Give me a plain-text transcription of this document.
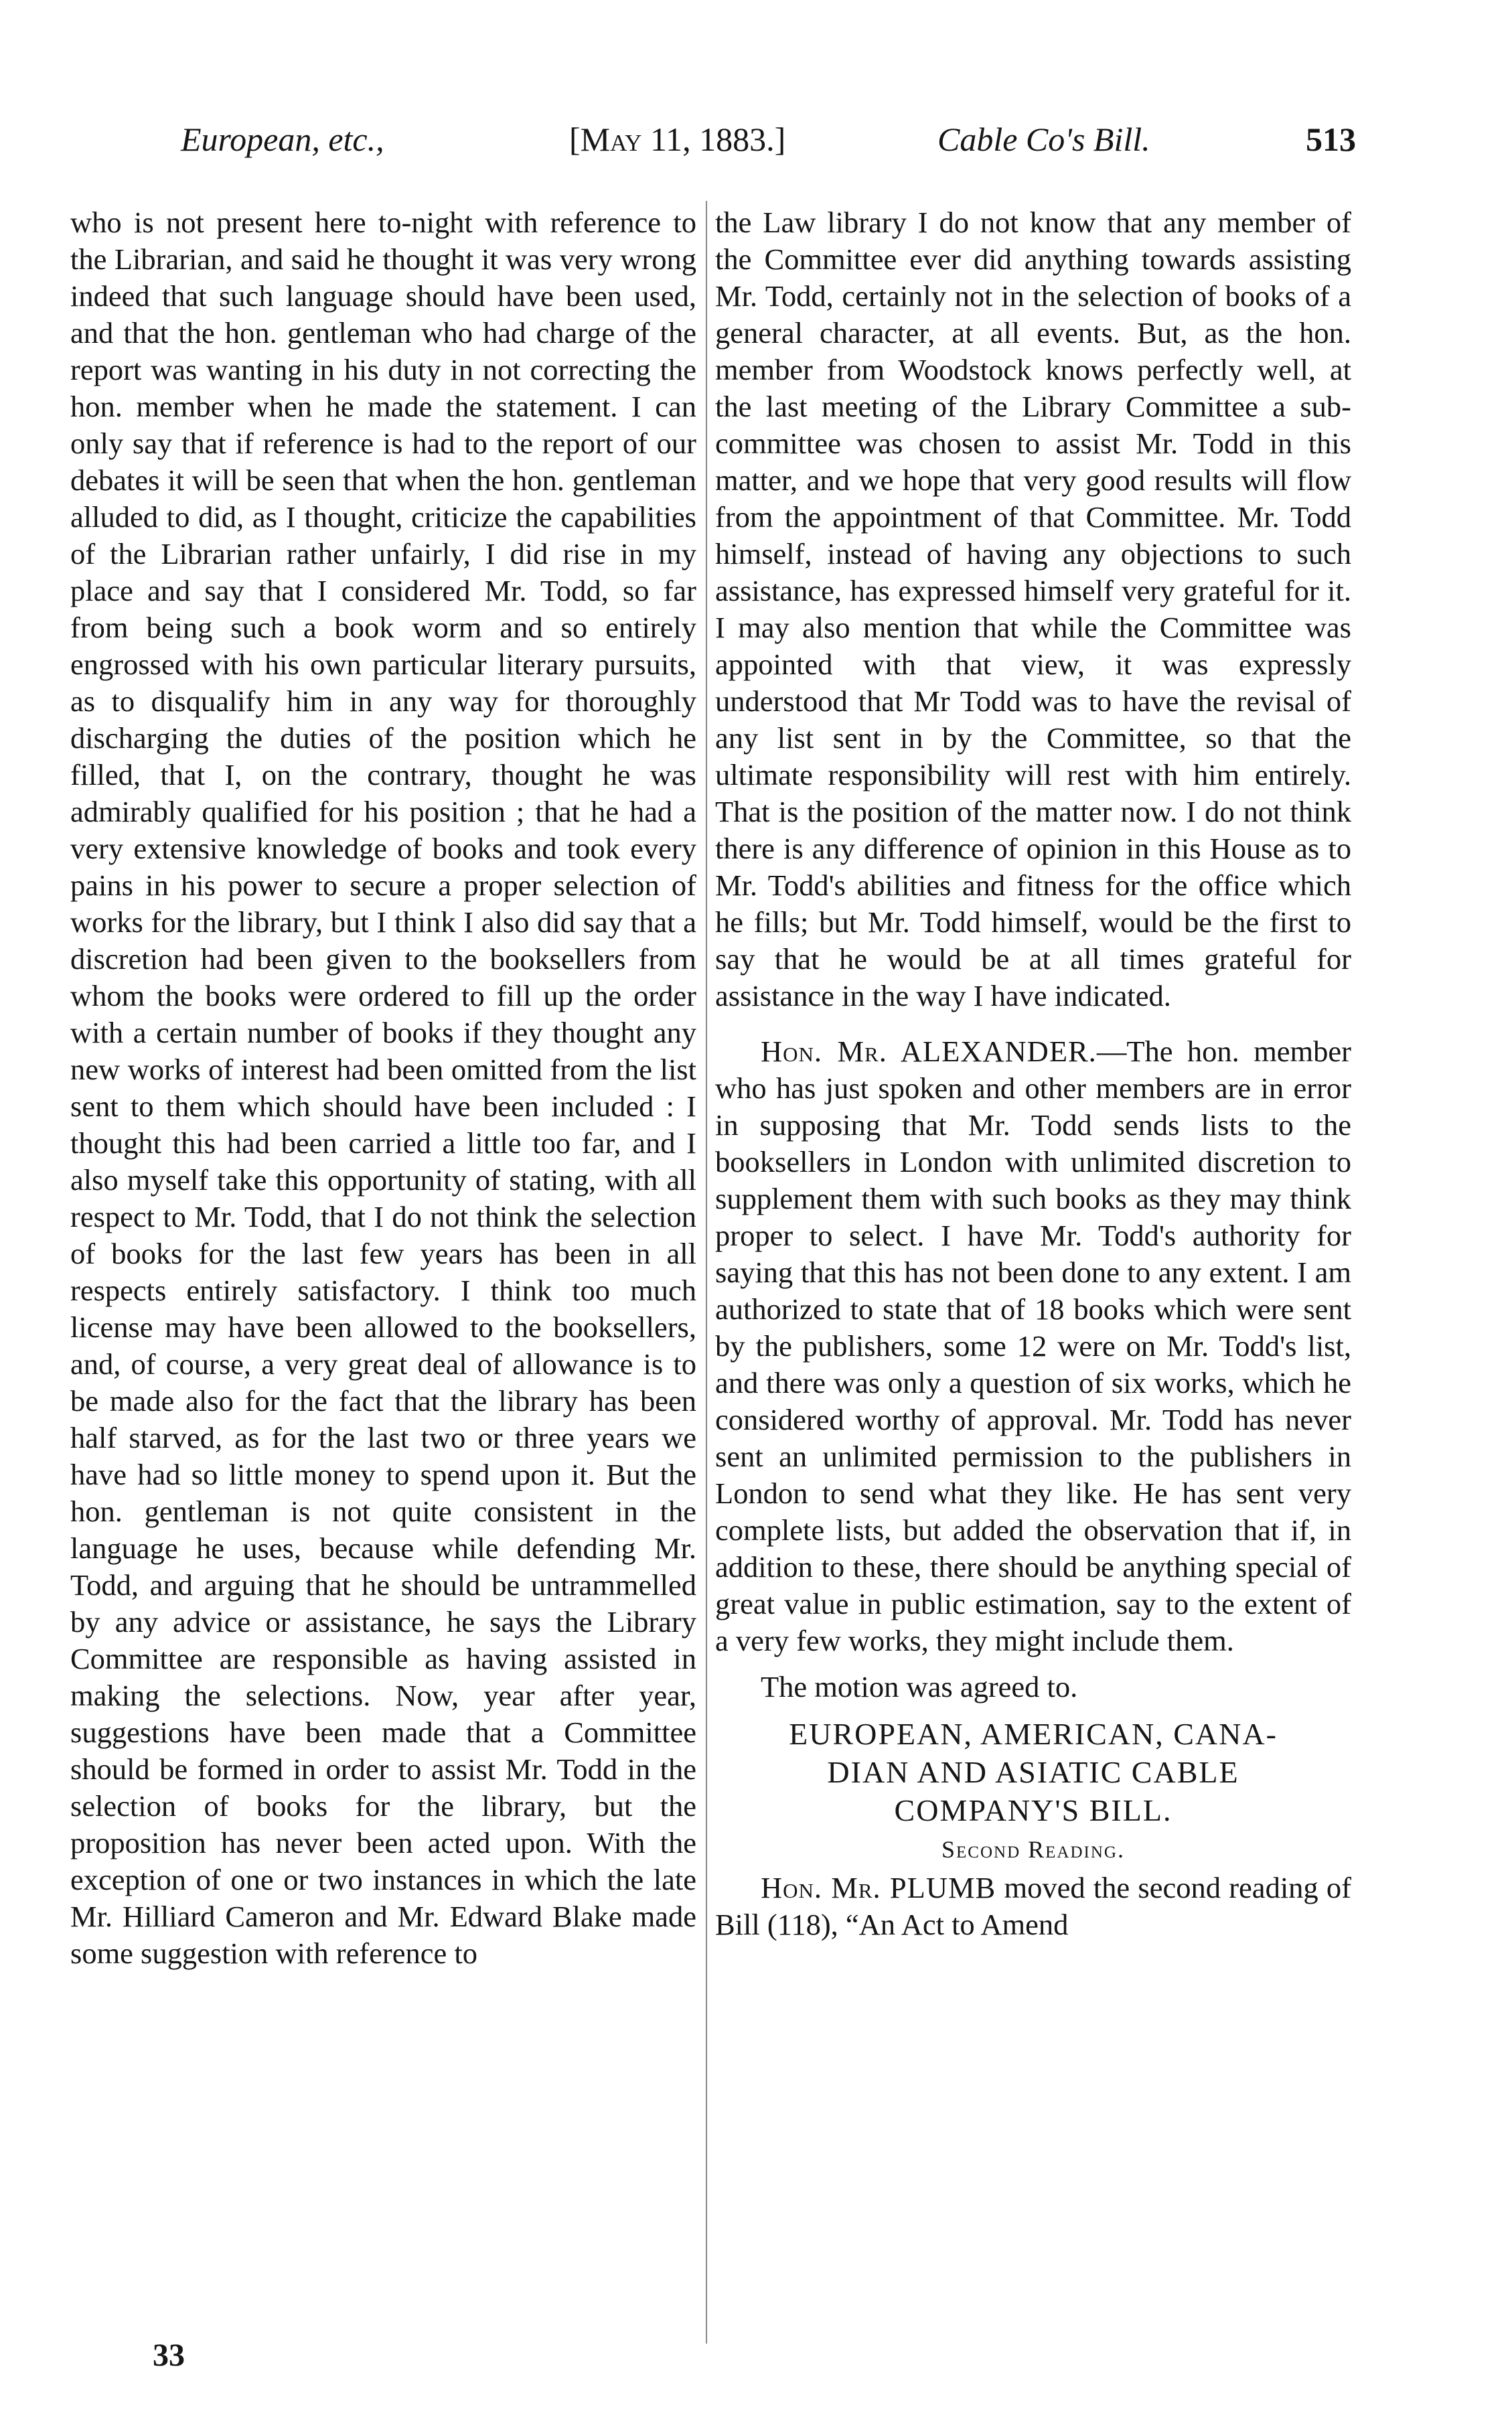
European, etc.,	[May 11, 1883.]	Cable Co's Bill.	513

who is not present here to-night with reference to the Librarian, and said he thought it was very wrong indeed that such language should have been used, and that the hon. gentleman who had charge of the report was wanting in his duty in not correcting the hon. member when he made the statement. I can only say that if reference is had to the report of our debates it will be seen that when the hon. gentleman alluded to did, as I thought, criticize the capabilities of the Librarian rather unfairly, I did rise in my place and say that I considered Mr. Todd, so far from being such a book worm and so entirely engrossed with his own particular literary pursuits, as to disqualify him in any way for thoroughly discharging the duties of the position which he filled, that I, on the contrary, thought he was admirably qualified for his position ; that he had a very extensive knowledge of books and took every pains in his power to secure a proper selection of works for the library, but I think I also did say that a discretion had been given to the booksellers from whom the books were ordered to fill up the order with a certain number of books if they thought any new works of interest had been omitted from the list sent to them which should have been included : I thought this had been carried a little too far, and I also myself take this opportunity of stating, with all respect to Mr. Todd, that I do not think the selection of books for the last few years has been in all respects entirely satisfactory. I think too much license may have been allowed to the booksellers, and, of course, a very great deal of allowance is to be made also for the fact that the library has been half starved, as for the last two or three years we have had so little money to spend upon it. But the hon. gentleman is not quite consistent in the language he uses, because while defending Mr. Todd, and arguing that he should be untrammelled by any advice or assistance, he says the Library Committee are responsible as having assisted in making the selections. Now, year after year, suggestions have been made that a Committee should be formed in order to assist Mr. Todd in the selection of books for the library, but the proposition has never been acted upon. With the exception of one or two instances in which the late Mr. Hilliard Cameron and Mr. Edward Blake made some suggestion with reference to

the Law library I do not know that any member of the Committee ever did anything towards assisting Mr. Todd, certainly not in the selection of books of a general character, at all events. But, as the hon. member from Woodstock knows perfectly well, at the last meeting of the Library Committee a sub-committee was chosen to assist Mr. Todd in this matter, and we hope that very good results will flow from the appointment of that Committee. Mr. Todd himself, instead of having any objections to such assistance, has expressed himself very grateful for it. I may also mention that while the Committee was appointed with that view, it was expressly understood that Mr Todd was to have the revisal of any list sent in by the Committee, so that the ultimate responsibility will rest with him entirely. That is the position of the matter now. I do not think there is any difference of opinion in this House as to Mr. Todd's abilities and fitness for the office which he fills; but Mr. Todd himself, would be the first to say that he would be at all times grateful for assistance in the way I have indicated.

Hon. Mr. ALEXANDER.—The hon. member who has just spoken and other members are in error in supposing that Mr. Todd sends lists to the booksellers in London with unlimited discretion to supplement them with such books as they may think proper to select. I have Mr. Todd's authority for saying that this has not been done to any extent. I am authorized to state that of 18 books which were sent by the publishers, some 12 were on Mr. Todd's list, and there was only a question of six works, which he considered worthy of approval. Mr. Todd has never sent an unlimited permission to the publishers in London to send what they like. He has sent very complete lists, but added the observation that if, in addition to these, there should be anything special of great value in public estimation, say to the extent of a very few works, they might include them.

The motion was agreed to.

EUROPEAN, AMERICAN, CANA-

DIAN AND ASIATIC CABLE

COMPANY'S BILL.

Second Reading.

Hon. Mr. PLUMB moved the second reading of Bill (118), “An Act to Amend

33
